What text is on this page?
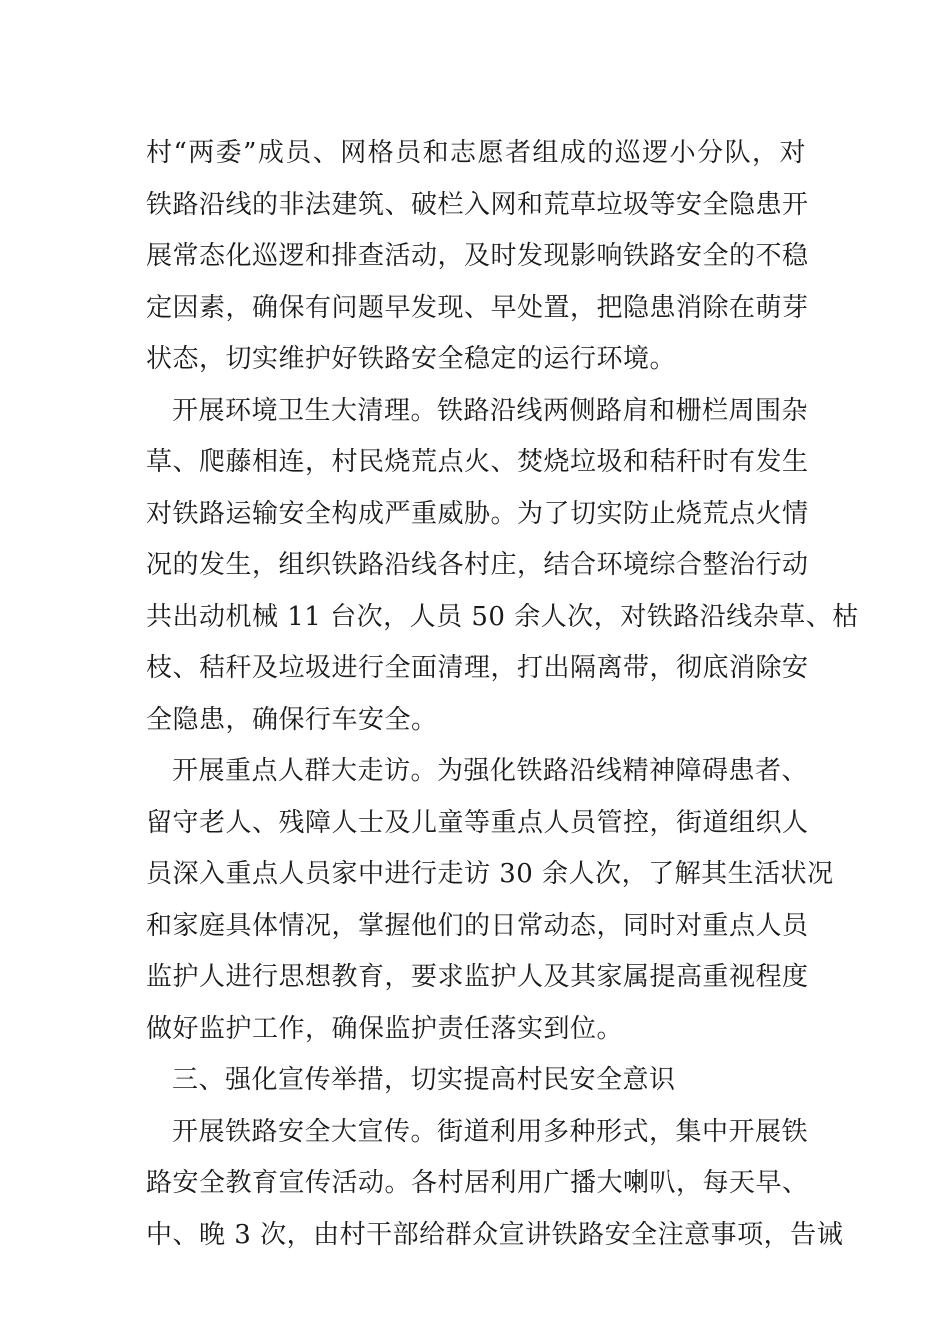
村“两委”成员、网格员和志愿者组成的巡逻小分队，对
铁路沿线的非法建筑、破栏入网和荒草垃圾等安全隐患开
展常态化巡逻和排查活动，及时发现影响铁路安全的不稳
定因素，确保有问题早发现、早处置，把隐患消除在萌芽
状态，切实维护好铁路安全稳定的运行环境。
开展环境卫生大清理。铁路沿线两侧路肩和栅栏周围杂
草、爬藤相连，村民烧荒点火、焚烧垃圾和秸秆时有发生
对铁路运输安全构成严重威胁。为了切实防止烧荒点火情
况的发生，组织铁路沿线各村庄，结合环境综合整治行动
共出动机械 11 台次，人员 50 余人次，对铁路沿线杂草、枯
枝、秸秆及垃圾进行全面清理，打出隔离带，彻底消除安
全隐患，确保行车安全。
开展重点人群大走访。为强化铁路沿线精神障碍患者、
留守老人、残障人士及儿童等重点人员管控，街道组织人
员深入重点人员家中进行走访 30 余人次，了解其生活状况
和家庭具体情况，掌握他们的日常动态，同时对重点人员
监护人进行思想教育，要求监护人及其家属提高重视程度
做好监护工作，确保监护责任落实到位。
三、强化宣传举措，切实提高村民安全意识
开展铁路安全大宣传。街道利用多种形式，集中开展铁
路安全教育宣传活动。各村居利用广播大喇叭，每天早、
中、晚 3 次，由村干部给群众宣讲铁路安全注意事项，告诫
